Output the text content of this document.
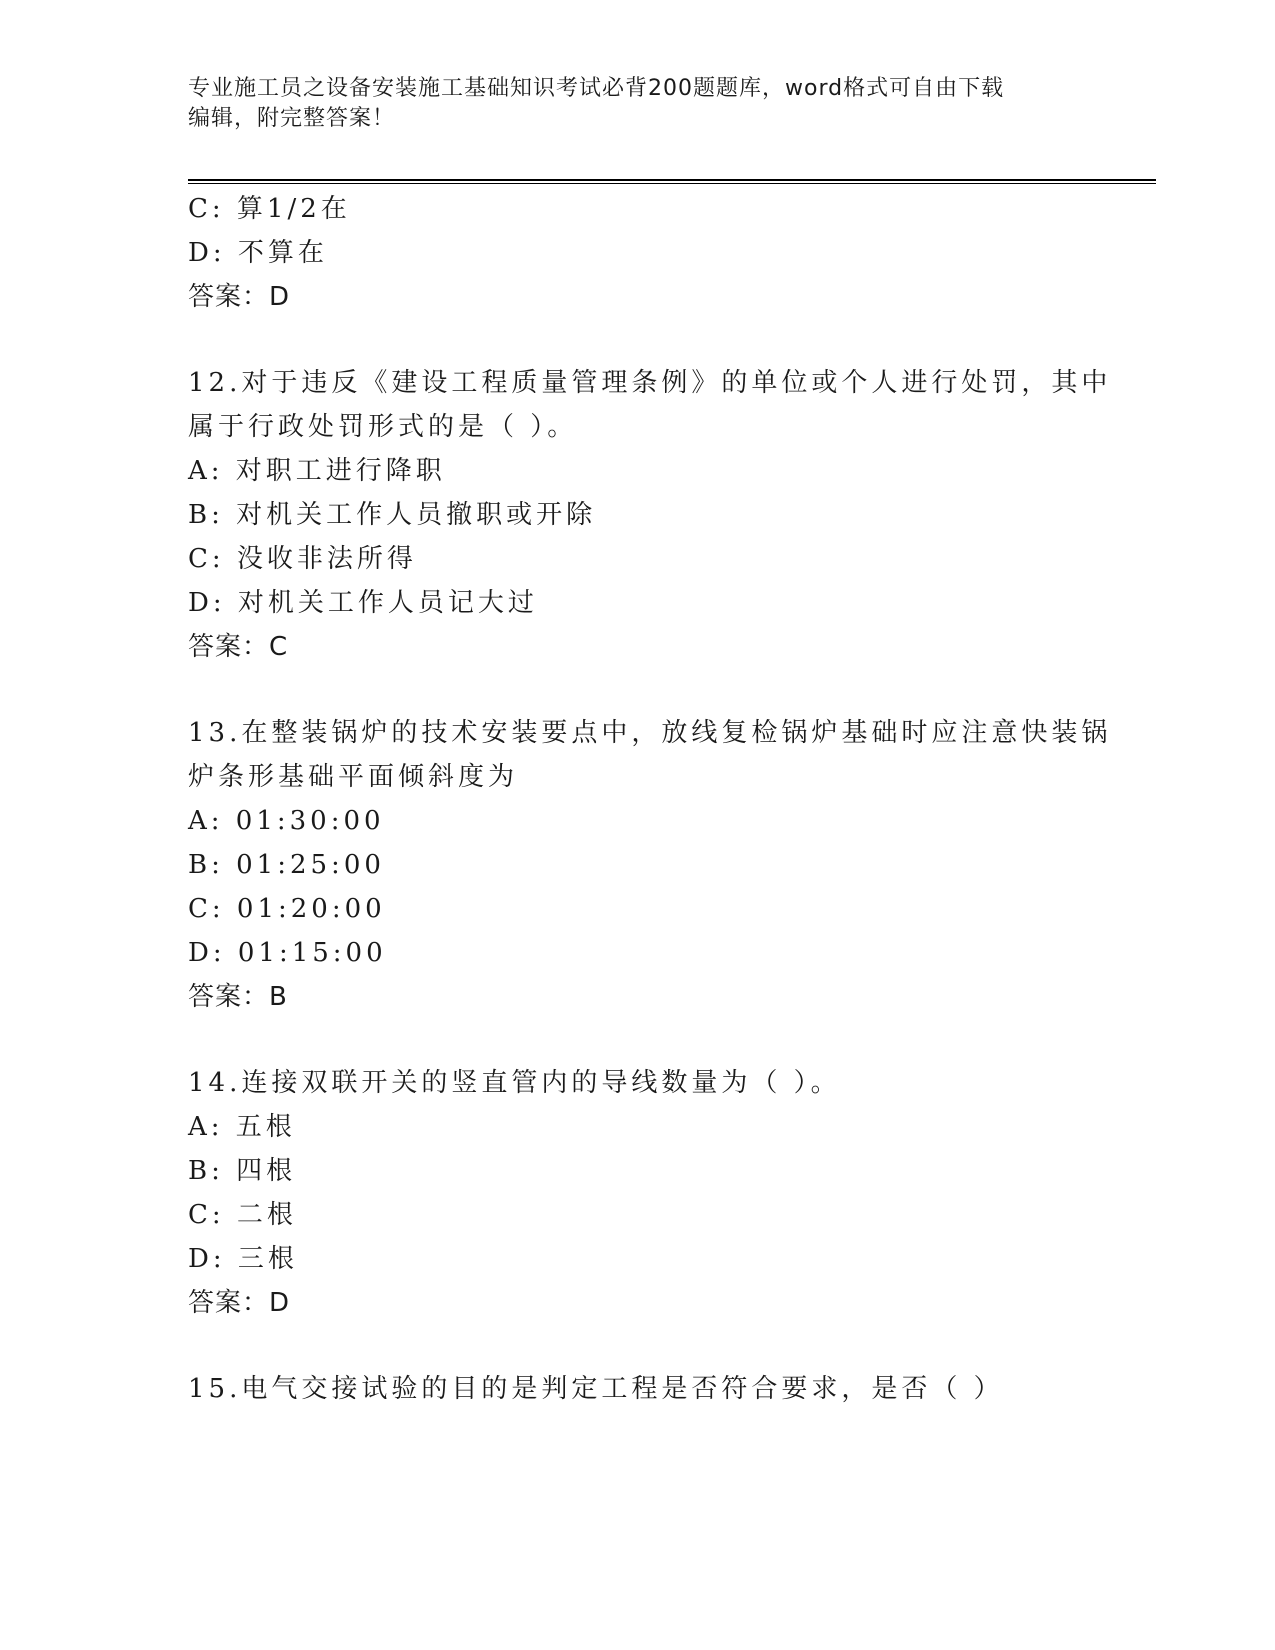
专业施工员之设备安装施工基础知识考试必背200题题库，word格式可自由下载
编辑，附完整答案！
C: 算1/2在
D: 不算在
答案：D
12.对于违反《建设工程质量管理条例》的单位或个人进行处罚，其中
属于行政处罚形式的是（ ）。
A: 对职工进行降职
B: 对机关工作人员撤职或开除
C: 没收非法所得
D: 对机关工作人员记大过
答案：C
13.在整装锅炉的技术安装要点中，放线复检锅炉基础时应注意快装锅
炉条形基础平面倾斜度为
A: 01:30:00
B: 01:25:00
C: 01:20:00
D: 01:15:00
答案：B
14.连接双联开关的竖直管内的导线数量为（ ）。
A: 五根
B: 四根
C: 二根
D: 三根
答案：D
15.电气交接试验的目的是判定工程是否符合要求，是否（ ）
